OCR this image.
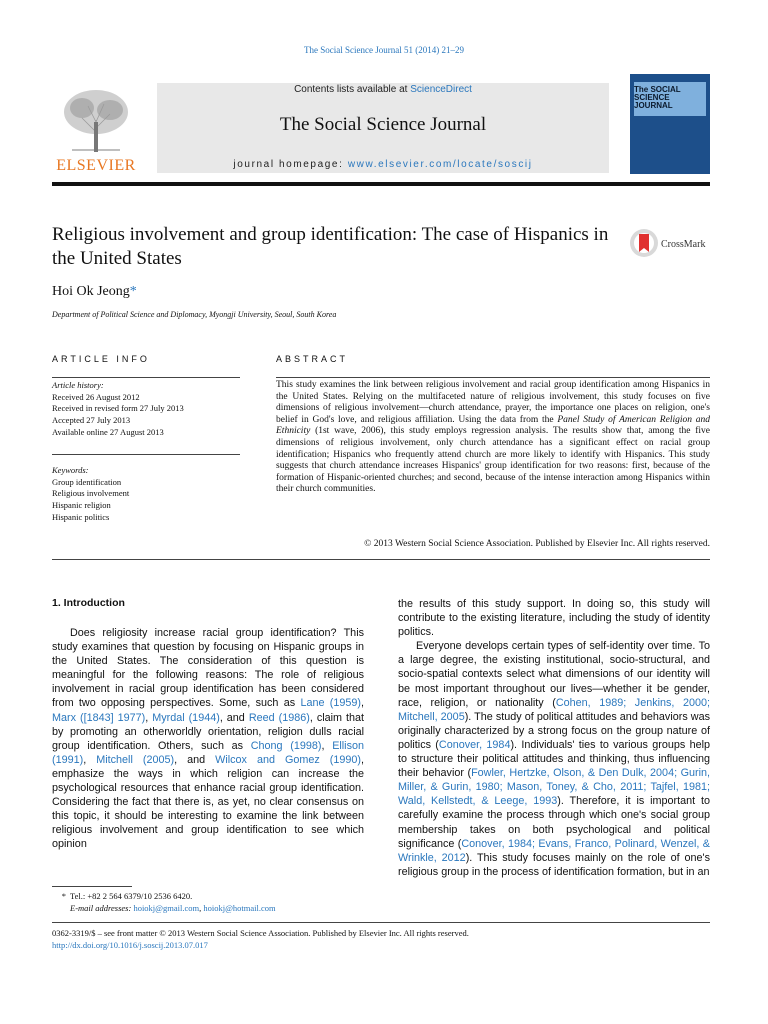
The Social Science Journal 51 (2014) 21–29
ELSEVIER
Contents lists available at ScienceDirect
The Social Science Journal
journal homepage: www.elsevier.com/locate/soscij
The SOCIAL SCIENCE JOURNAL
Religious involvement and group identification: The case of Hispanics in the United States
CrossMark
Hoi Ok Jeong*
Department of Political Science and Diplomacy, Myongji University, Seoul, South Korea
ARTICLE INFO	ABSTRACT
Article history:
Received 26 August 2012
Received in revised form 27 July 2013
Accepted 27 July 2013
Available online 27 August 2013
Keywords:
Group identification
Religious involvement
Hispanic religion
Hispanic politics
This study examines the link between religious involvement and racial group identification among Hispanics in the United States. Relying on the multifaceted nature of religious involvement, this study focuses on five dimensions of religious involvement—church attendance, prayer, the importance one places on religion, one's belief in God's love, and religious affiliation. Using the data from the Panel Study of American Religion and Ethnicity (1st wave, 2006), this study employs regression analysis. The results show that, among the five dimensions of religious involvement, only church attendance has a significant effect on racial group identification; Hispanics who frequently attend church are more likely to identify with Hispanics. This study suggests that church attendance increases Hispanics' group identification for two reasons: first, because of the formation of Hispanic-oriented churches; and second, because of the intense interaction among Hispanics within their church communities.
© 2013 Western Social Science Association. Published by Elsevier Inc. All rights reserved.
1. Introduction

Does religiosity increase racial group identification? This study examines that question by focusing on Hispanic groups in the United States. The consideration of this question is meaningful for the following reasons: The role of religious involvement in racial group identification has been considered from two opposing perspectives. Some, such as Lane (1959), Marx ([1843] 1977), Myrdal (1944), and Reed (1986), claim that by promoting an otherworldly orientation, religion dulls racial group identification. Others, such as Chong (1998), Ellison (1991), Mitchell (2005), and Wilcox and Gomez (1990), emphasize the ways in which religion can increase the psychological resources that enhance racial group identification. Considering the fact that there is, as yet, no clear consensus on this topic, it should be interesting to examine the link between religious involvement and group identification to see which opinion

the results of this study support. In doing so, this study will contribute to the existing literature, including the study of identity politics.

Everyone develops certain types of self-identity over time. To a large degree, the existing institutional, socio-structural, and socio-spatial contexts select what dimensions of our identity will be most important throughout our lives—whether it be gender, race, religion, or nationality (Cohen, 1989; Jenkins, 2000; Mitchell, 2005). The study of political attitudes and behaviors was originally characterized by a strong focus on the group nature of politics (Conover, 1984). Individuals' ties to various groups help to structure their political attitudes and thinking, thus influencing their behavior (Fowler, Hertzke, Olson, & Den Dulk, 2004; Gurin, Miller, & Gurin, 1980; Mason, Toney, & Cho, 2011; Tajfel, 1981; Wald, Kellstedt, & Leege, 1993). Therefore, it is important to carefully examine the process through which one's social group membership takes on both psychological and political significance (Conover, 1984; Evans, Franco, Polinard, Wenzel, & Wrinkle, 2012). This study focuses mainly on the role of one's religious group in the process of identification formation, but in an

* Tel.: +82 2 564 6379/10 2536 6420.
E-mail addresses: hoiokj@gmail.com, hoiokj@hotmail.com
0362-3319/$ – see front matter © 2013 Western Social Science Association. Published by Elsevier Inc. All rights reserved.
http://dx.doi.org/10.1016/j.soscij.2013.07.017
